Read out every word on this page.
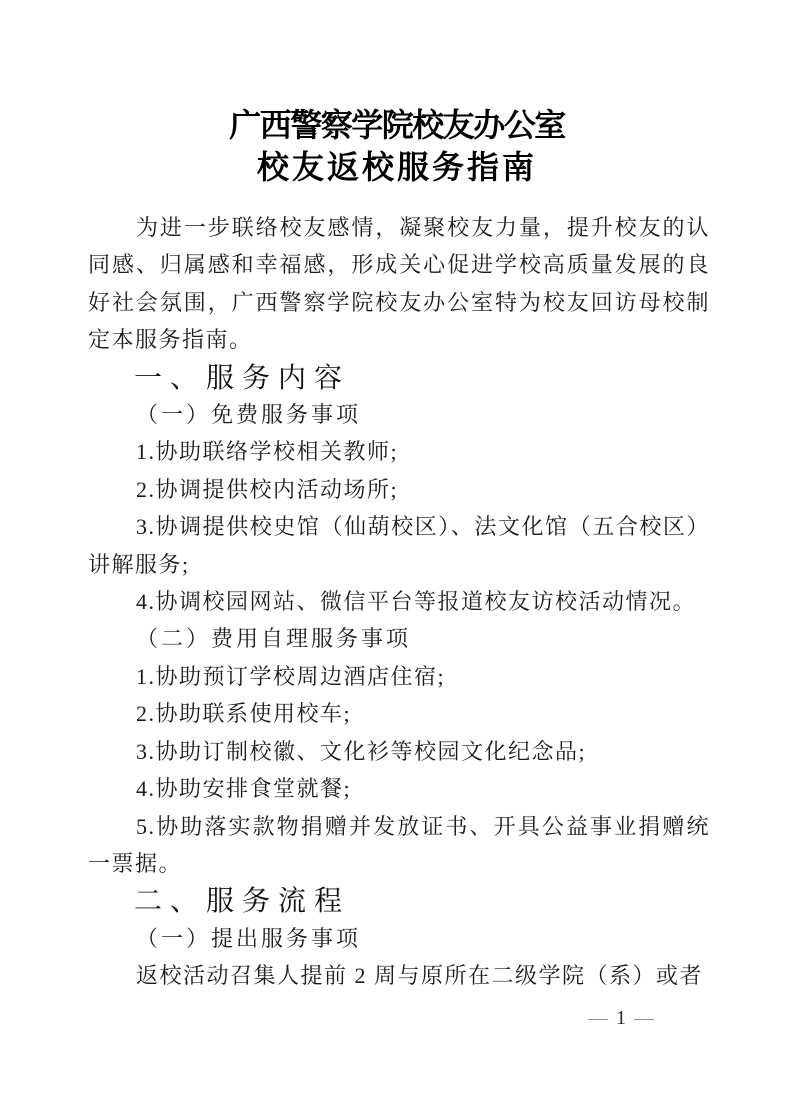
广西警察学院校友办公室
校友返校服务指南

为进一步联络校友感情，凝聚校友力量，提升校友的认同感、归属感和幸福感，形成关心促进学校高质量发展的良好社会氛围，广西警察学院校友办公室特为校友回访母校制定本服务指南。

一、服务内容
（一）免费服务事项

1.协助联络学校相关教师;

2.协调提供校内活动场所;

3.协调提供校史馆（仙葫校区）、法文化馆（五合校区）讲解服务;

4.协调校园网站、微信平台等报道校友访校活动情况。

（二）费用自理服务事项

1.协助预订学校周边酒店住宿;

2.协助联系使用校车;

3.协助订制校徽、文化衫等校园文化纪念品;

4.协助安排食堂就餐;

5.协助落实款物捐赠并发放证书、开具公益事业捐赠统一票据。

二、服务流程
（一）提出服务事项

返校活动召集人提前 2 周与原所在二级学院（系）或者

— 1 —
